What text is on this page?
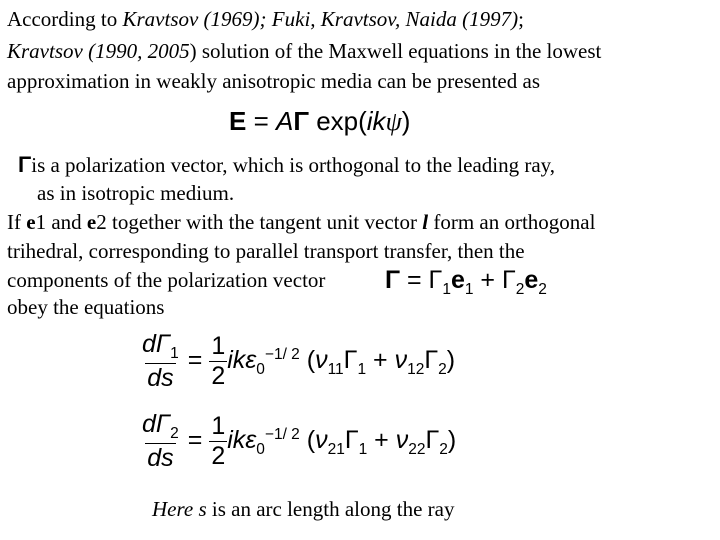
According to Kravtsov (1969); Fuki, Kravtsov, Naida (1997);
Kravtsov (1990, 2005) solution of the Maxwell equations in the lowest
approximation in weakly anisotropic media can be presented as
E = AΓ exp(ikψ)
Γis a polarization vector, which is orthogonal to the leading ray,
as in isotropic medium.
If e1 and e2 together with the tangent unit vector l form an orthogonal
trihedral, corresponding to parallel transport transfer, then the
components of the polarization vector $\Gamma = \Gamma_1e_1 + \Gamma_2e_2$
obey the equations
$\frac{d\Gamma_1}{ds} = \frac{1}{2} ik\varepsilon_0^{-1/ 2}$ $(\nu_{11}\Gamma_1 + \nu_{12}\Gamma_2)$
$\frac{d\Gamma_2}{ds} = \frac{1}{2} ik\varepsilon_0^{-1/ 2}$ $(\nu_{21}\Gamma_1 + \nu_{22}\Gamma_2)$
Here s is an arc length along the ray
